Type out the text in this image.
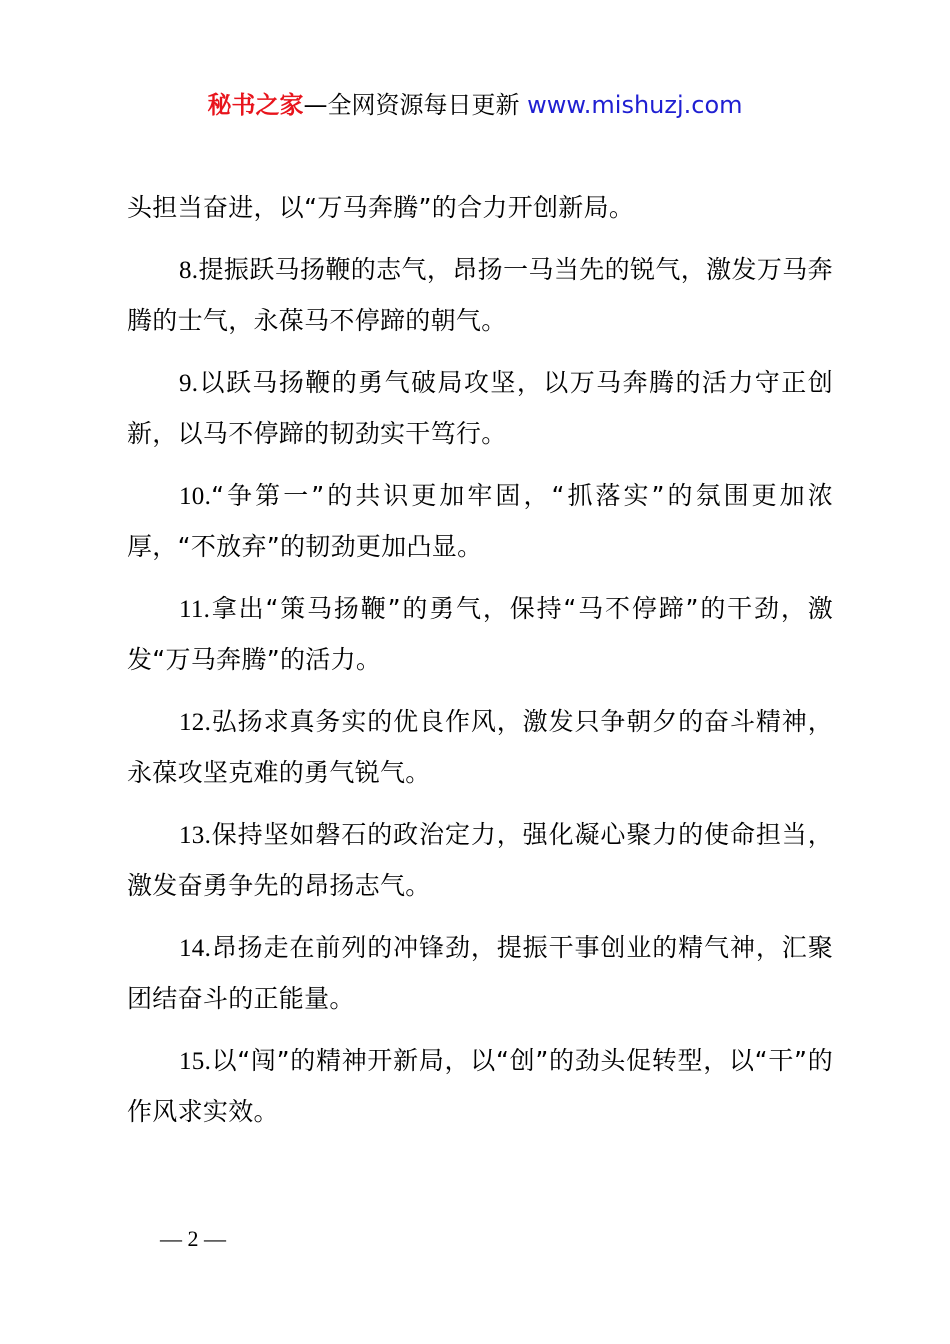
秘书之家—全网资源每日更新 www.mishuzj.com

头担当奋进，以“万马奔腾”的合力开创新局。

8.提振跃马扬鞭的志气，昂扬一马当先的锐气，激发万马奔腾的士气，永葆马不停蹄的朝气。

9.以跃马扬鞭的勇气破局攻坚，以万马奔腾的活力守正创新，以马不停蹄的韧劲实干笃行。

10.“争第一”的共识更加牢固，“抓落实”的氛围更加浓厚，“不放弃”的韧劲更加凸显。

11.拿出“策马扬鞭”的勇气，保持“马不停蹄”的干劲，激发“万马奔腾”的活力。

12.弘扬求真务实的优良作风，激发只争朝夕的奋斗精神，永葆攻坚克难的勇气锐气。

13.保持坚如磐石的政治定力，强化凝心聚力的使命担当，激发奋勇争先的昂扬志气。

14.昂扬走在前列的冲锋劲，提振干事创业的精气神，汇聚团结奋斗的正能量。

15.以“闯”的精神开新局，以“创”的劲头促转型，以“干”的作风求实效。

— 2 —
